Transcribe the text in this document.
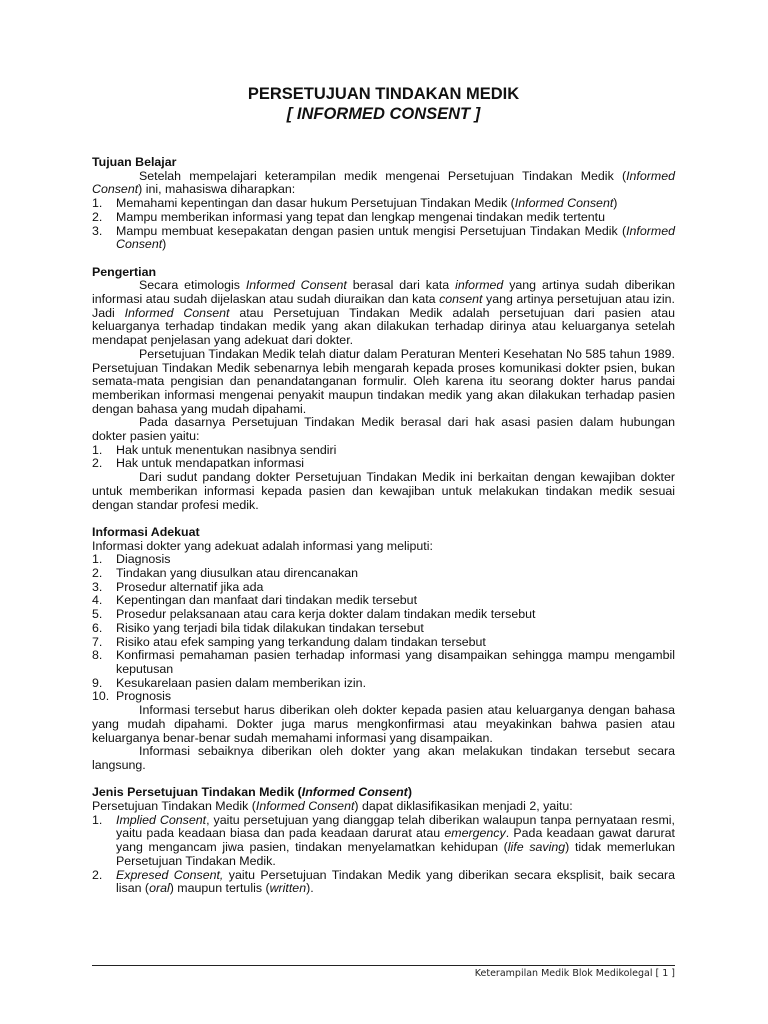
PERSETUJUAN TINDAKAN MEDIK
[ INFORMED CONSENT ]
Tujuan Belajar

Setelah mempelajari keterampilan medik mengenai Persetujuan Tindakan Medik (Informed Consent) ini, mahasiswa diharapkan:

1. Memahami kepentingan dan dasar hukum Persetujuan Tindakan Medik (Informed Consent)
2. Mampu memberikan informasi yang tepat dan lengkap mengenai tindakan medik tertentu
3. Mampu membuat kesepakatan dengan pasien untuk mengisi Persetujuan Tindakan Medik (Informed Consent)
Pengertian

Secara etimologis Informed Consent berasal dari kata informed yang artinya sudah diberikan informasi atau sudah dijelaskan atau sudah diuraikan dan kata consent yang artinya persetujuan atau izin. Jadi Informed Consent atau Persetujuan Tindakan Medik adalah persetujuan dari pasien atau keluarganya terhadap tindakan medik yang akan dilakukan terhadap dirinya atau keluarganya setelah mendapat penjelasan yang adekuat dari dokter.

Persetujuan Tindakan Medik telah diatur dalam Peraturan Menteri Kesehatan No 585 tahun 1989. Persetujuan Tindakan Medik sebenarnya lebih mengarah kepada proses komunikasi dokter psien, bukan semata-mata pengisian dan penandatanganan formulir. Oleh karena itu seorang dokter harus pandai memberikan informasi mengenai penyakit maupun tindakan medik yang akan dilakukan terhadap pasien dengan bahasa yang mudah dipahami.

Pada dasarnya Persetujuan Tindakan Medik berasal dari hak asasi pasien dalam hubungan dokter pasien yaitu:

1. Hak untuk menentukan nasibnya sendiri
2. Hak untuk mendapatkan informasi

Dari sudut pandang dokter Persetujuan Tindakan Medik ini berkaitan dengan kewajiban dokter untuk memberikan informasi kepada pasien dan kewajiban untuk melakukan tindakan medik sesuai dengan standar profesi medik.

Informasi Adekuat

Informasi dokter yang adekuat adalah informasi yang meliputi:

1. Diagnosis
2. Tindakan yang diusulkan atau direncanakan
3. Prosedur alternatif jika ada
4. Kepentingan dan manfaat dari tindakan medik tersebut
5. Prosedur pelaksanaan atau cara kerja dokter dalam tindakan medik tersebut
6. Risiko yang terjadi bila tidak dilakukan tindakan tersebut
7. Risiko atau efek samping yang terkandung dalam tindakan tersebut
8. Konfirmasi pemahaman pasien terhadap informasi yang disampaikan sehingga mampu mengambil keputusan
9. Kesukarelaan pasien dalam memberikan izin.
10. Prognosis

Informasi tersebut harus diberikan oleh dokter kepada pasien atau keluarganya dengan bahasa yang mudah dipahami. Dokter juga marus mengkonfirmasi atau meyakinkan bahwa pasien atau keluarganya benar-benar sudah memahami informasi yang disampaikan.

Informasi sebaiknya diberikan oleh dokter yang akan melakukan tindakan tersebut secara langsung.

Jenis Persetujuan Tindakan Medik (Informed Consent)

Persetujuan Tindakan Medik (Informed Consent) dapat diklasifikasikan menjadi 2, yaitu:

1. Implied Consent, yaitu persetujuan yang dianggap telah diberikan walaupun tanpa pernyataan resmi, yaitu pada keadaan biasa dan pada keadaan darurat atau emergency. Pada keadaan gawat darurat yang mengancam jiwa pasien, tindakan menyelamatkan kehidupan (life saving) tidak memerlukan Persetujuan Tindakan Medik.
2. Expresed Consent, yaitu Persetujuan Tindakan Medik yang diberikan secara eksplisit, baik secara lisan (oral) maupun tertulis (written).
Keterampilan Medik Blok Medikolegal [ 1 ]
